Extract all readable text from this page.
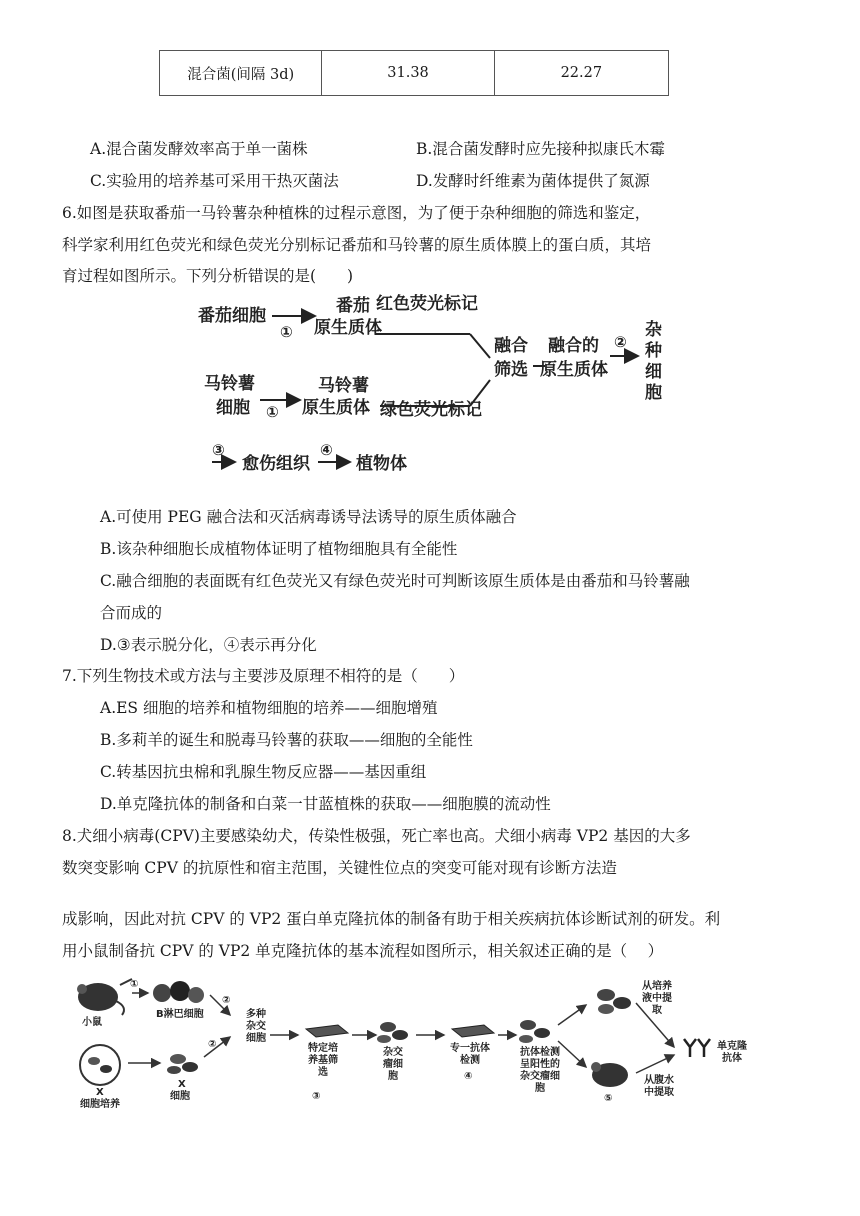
混合菌(间隔 3d)	31.38	22.27
A.混合菌发酵效率高于单一菌株	B.混合菌发酵时应先接种拟康氏木霉
C.实验用的培养基可采用干热灭菌法	D.发酵时纤维素为菌体提供了氮源
6.如图是获取番茄一马铃薯杂种植株的过程示意图，为了便于杂种细胞的筛选和鉴定，
科学家利用红色荧光和绿色荧光分别标记番茄和马铃薯的原生质体膜上的蛋白质，其培
育过程如图所示。下列分析错误的是(　　)
番茄细胞
①
番茄
原生质体
红色荧光标记
马铃薯
细胞 ①
马铃薯
原生质体 绿色荧光标记
融合
筛选
融合的
原生质体
②
杂种细胞
③
愈伤组织
④
植物体
A.可使用 PEG 融合法和灭活病毒诱导法诱导的原生质体融合
B.该杂种细胞长成植物体证明了植物细胞具有全能性
C.融合细胞的表面既有红色荧光又有绿色荧光时可判断该原生质体是由番茄和马铃薯融
合而成的
D.③表示脱分化，④表示再分化
7.下列生物技术或方法与主要涉及原理不相符的是（　　）
A.ES 细胞的培养和植物细胞的培养——细胞增殖
B.多莉羊的诞生和脱毒马铃薯的获取——细胞的全能性
C.转基因抗虫棉和乳腺生物反应器——基因重组
D.单克隆抗体的制备和白菜一甘蓝植株的获取——细胞膜的流动性
8.犬细小病毒(CPV)主要感染幼犬，传染性极强，死亡率也高。犬细小病毒 VP2 基因的大多
数突变影响 CPV 的抗原性和宿主范围，关键性位点的突变可能对现有诊断方法造
成影响，因此对抗 CPV 的 VP2 蛋白单克隆抗体的制备有助于相关疾病抗体诊断试剂的研发。利
用小鼠制备抗 CPV 的 VP2 单克隆抗体的基本流程如图所示，相关叙述正确的是（　 ）
小鼠
①
B淋巴细胞
②
多种杂交细胞
X
细胞培养
X
细胞
②	特定培养基筛选
③
杂交瘤细胞
专一抗体检测
④
抗体检测呈阳性的杂交瘤细胞
从培养液中提取
单克隆抗体
从腹水中提取
⑤
